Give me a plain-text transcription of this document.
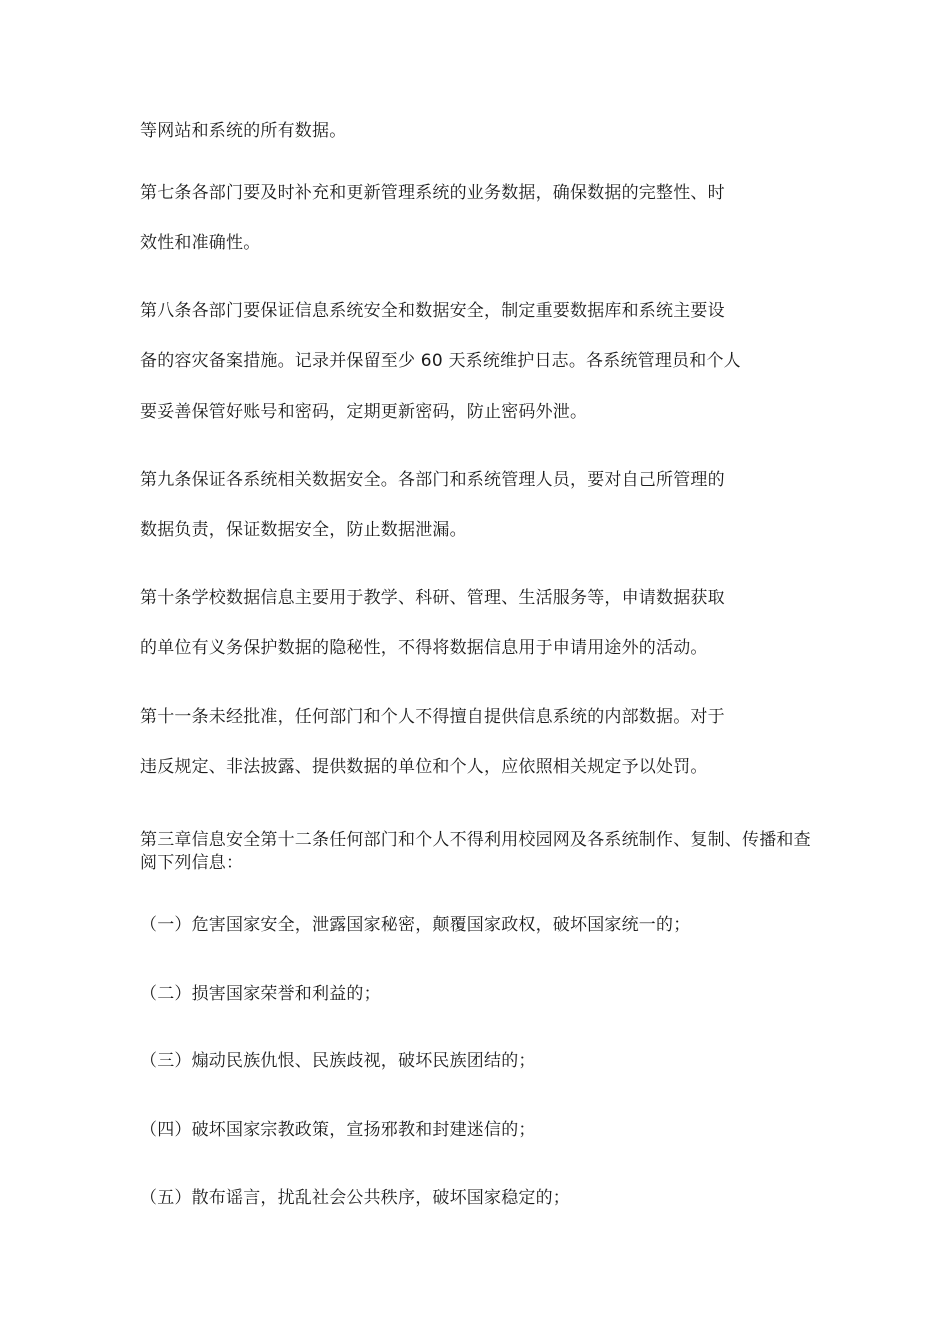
等网站和系统的所有数据。
第七条各部门要及时补充和更新管理系统的业务数据，确保数据的完整性、时
效性和准确性。
第八条各部门要保证信息系统安全和数据安全，制定重要数据库和系统主要设
备的容灾备案措施。记录并保留至少 60 天系统维护日志。各系统管理员和个人
要妥善保管好账号和密码，定期更新密码，防止密码外泄。
第九条保证各系统相关数据安全。各部门和系统管理人员，要对自己所管理的
数据负责，保证数据安全，防止数据泄漏。
第十条学校数据信息主要用于教学、科研、管理、生活服务等，申请数据获取
的单位有义务保护数据的隐秘性，不得将数据信息用于申请用途外的活动。
第十一条未经批准，任何部门和个人不得擅自提供信息系统的内部数据。对于
违反规定、非法披露、提供数据的单位和个人，应依照相关规定予以处罚。
第三章信息安全第十二条任何部门和个人不得利用校园网及各系统制作、复制、传播和查阅下列信息：
（一）危害国家安全，泄露国家秘密，颠覆国家政权，破坏国家统一的；
（二）损害国家荣誉和利益的；
（三）煽动民族仇恨、民族歧视，破坏民族团结的；
（四）破坏国家宗教政策，宣扬邪教和封建迷信的；
（五）散布谣言，扰乱社会公共秩序，破坏国家稳定的；
